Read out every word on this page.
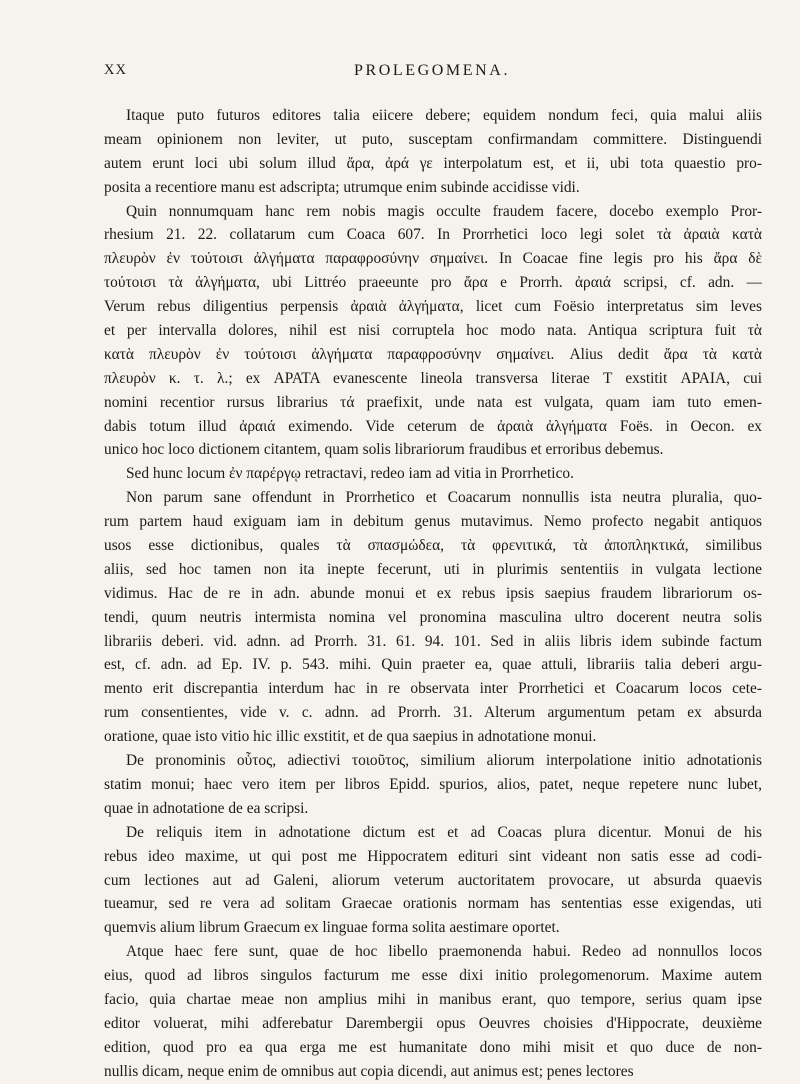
XX	PROLEGOMENA.
Itaque puto futuros editores talia eiicere debere; equidem nondum feci, quia malui aliis
meam opinionem non leviter, ut puto, susceptam confirmandam committere. Distinguendi
autem erunt loci ubi solum illud ἄρα, ἀρά γε interpolatum est, et ii, ubi tota quaestio pro-
posita a recentiore manu est adscripta; utrumque enim subinde accidisse vidi.
Quin nonnumquam hanc rem nobis magis occulte fraudem facere, docebo exemplo Pror-
rhesium 21. 22. collatarum cum Coaca 607. In Prorrhetici loco legi solet τὰ ἀραιὰ κατὰ
πλευρὸν ἐν τούτοισι ἀλγήματα παραφροσύνην σημαίνει. In Coacae fine legis pro his ἄρα δὲ
τούτοισι τὰ ἀλγήματα, ubi Littréo praeeunte pro ἄρα e Prorrh. ἀραιά scripsi, cf. adn. —
Verum rebus diligentius perpensis ἀραιὰ ἀλγήματα, licet cum Foësio interpretatus sim leves
et per intervalla dolores, nihil est nisi corruptela hoc modo nata. Antiqua scriptura fuit τὰ
κατὰ πλευρὸν ἐν τούτοισι ἀλγήματα παραφροσύνην σημαίνει. Alius dedit ἄρα τὰ κατὰ
πλευρὸν κ. τ. λ.; ex ΑΡΑΤΑ evanescente lineola transversa literae Τ exstitit ΑΡΑΙΑ, cui
nomini recentior rursus librarius τά praefixit, unde nata est vulgata, quam iam tuto emen-
dabis totum illud ἀραιά eximendo. Vide ceterum de ἀραιὰ ἀλγήματα Foës. in Oecon. ex
unico hoc loco dictionem citantem, quam solis librariorum fraudibus et erroribus debemus.
Sed hunc locum ἐν παρέργῳ retractavi, redeo iam ad vitia in Prorrhetico.
Non parum sane offendunt in Prorrhetico et Coacarum nonnullis ista neutra pluralia, quo-
rum partem haud exiguam iam in debitum genus mutavimus. Nemo profecto negabit antiquos
usos esse dictionibus, quales τὰ σπασμώδεα, τὰ φρενιτικά, τὰ ἀποπληκτικά, similibus
aliis, sed hoc tamen non ita inepte fecerunt, uti in plurimis sententiis in vulgata lectione
vidimus. Hac de re in adn. abunde monui et ex rebus ipsis saepius fraudem librariorum os-
tendi, quum neutris intermista nomina vel pronomina masculina ultro docerent neutra solis
librariis deberi. vid. adnn. ad Prorrh. 31. 61. 94. 101. Sed in aliis libris idem subinde factum
est, cf. adn. ad Ep. IV. p. 543. mihi. Quin praeter ea, quae attuli, librariis talia deberi argu-
mento erit discrepantia interdum hac in re observata inter Prorrhetici et Coacarum locos cete-
rum consentientes, vide v. c. adnn. ad Prorrh. 31. Alterum argumentum petam ex absurda
oratione, quae isto vitio hic illic exstitit, et de qua saepius in adnotatione monui.
De pronominis οὗτος, adiectivi τοιοῦτος, similium aliorum interpolatione initio adnotationis
statim monui; haec vero item per libros Epidd. spurios, alios, patet, neque repetere nunc lubet,
quae in adnotatione de ea scripsi.
De reliquis item in adnotatione dictum est et ad Coacas plura dicentur. Monui de his
rebus ideo maxime, ut qui post me Hippocratem edituri sint videant non satis esse ad codi-
cum lectiones aut ad Galeni, aliorum veterum auctoritatem provocare, ut absurda quaevis
tueamur, sed re vera ad solitam Graecae orationis normam has sententias esse exigendas, uti
quemvis alium librum Graecum ex linguae forma solita aestimare oportet.
Atque haec fere sunt, quae de hoc libello praemonenda habui. Redeo ad nonnullos locos
eius, quod ad libros singulos facturum me esse dixi initio prolegomenorum. Maxime autem
facio, quia chartae meae non amplius mihi in manibus erant, quo tempore, serius quam ipse
editor voluerat, mihi adferebatur Darembergii opus Oeuvres choisies d'Hippocrate, deuxième
edition, quod pro ea qua erga me est humanitate dono mihi misit et quo duce de non-
nullis dicam, neque enim de omnibus aut copia dicendi, aut animus est; penes lectores
